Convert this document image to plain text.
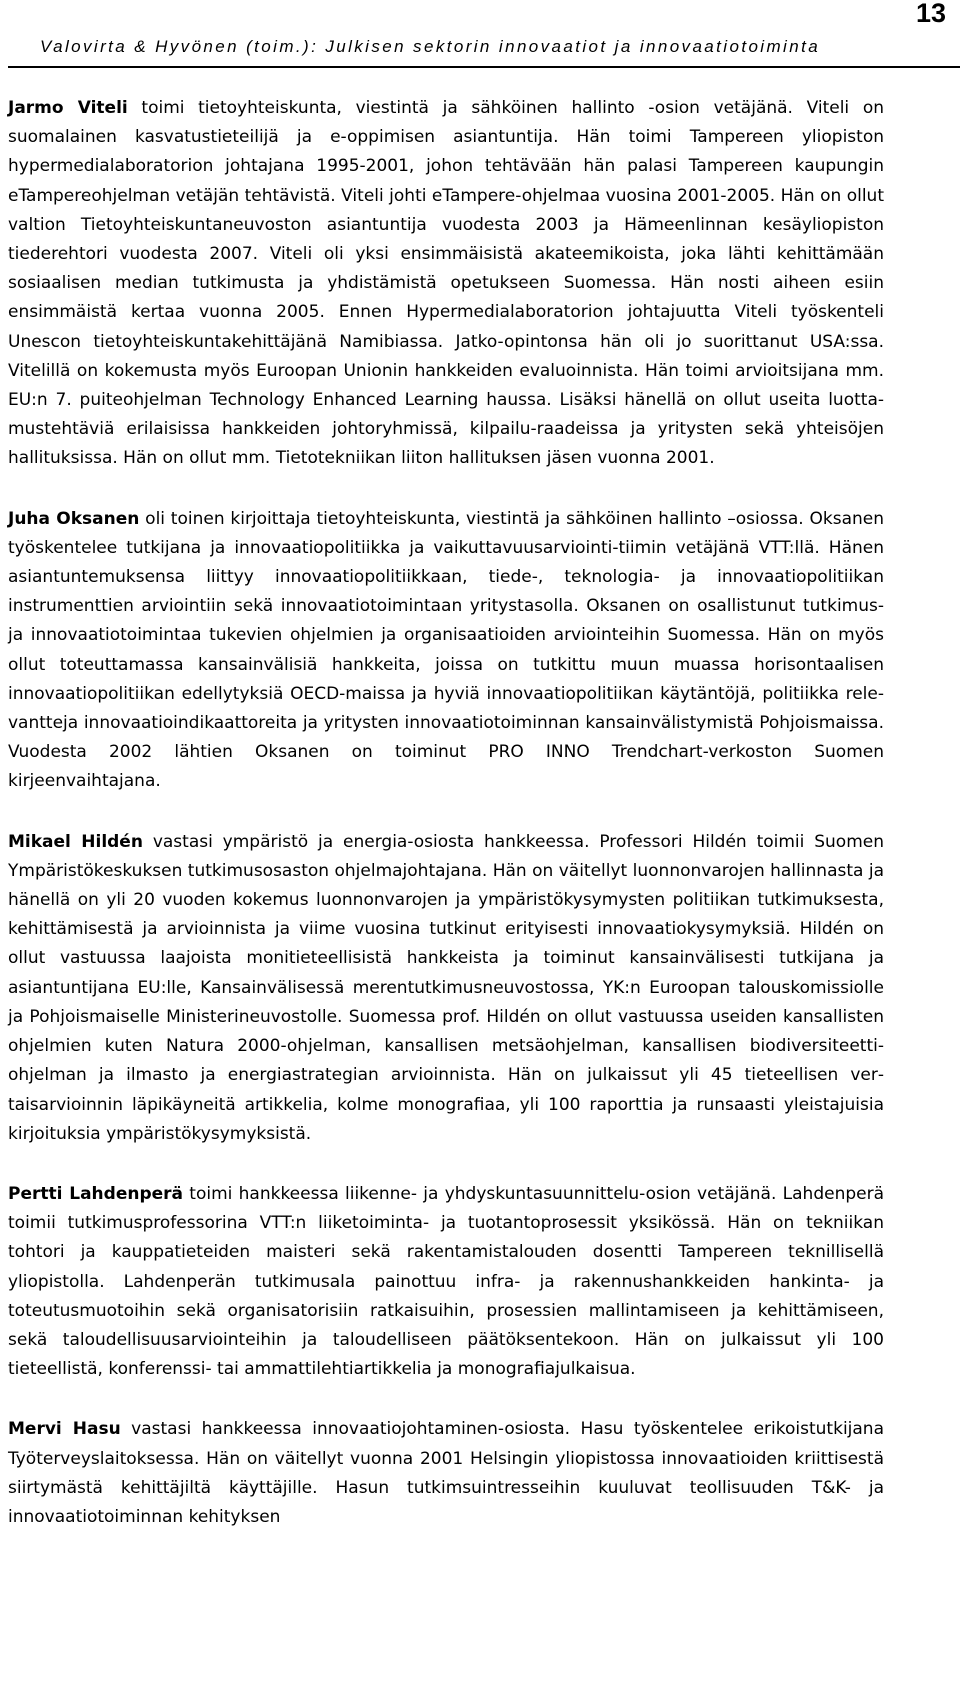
13
Valovirta & Hyvönen (toim.): Julkisen sektorin innovaatiot ja innovaatiotoiminta

Jarmo Viteli toimi tietoyhteiskunta, viestintä ja sähköinen hallinto -osion vetäjänä. Viteli on suomalainen kasvatustieteilijä ja e-oppimisen asiantuntija. Hän toimi Tampereen yliopiston hypermedialaboratorion johtajana 1995-2001, johon tehtävään hän palasi Tampereen kaupungin eTampereohjelman vetäjän tehtävistä. Viteli johti eTampere-ohjelmaa vuosina 2001-2005. Hän on ollut valtion Tietoyhteiskuntaneuvoston asiantuntija vuodesta 2003 ja Hämeenlinnan kesäyliopiston tiederehtori vuodesta 2007. Viteli oli yksi ensimmäisistä akateemikoista, joka lähti kehittämään sosiaalisen median tutkimusta ja yhdistämistä opetukseen Suomessa. Hän nosti aiheen esiin ensimmäistä kertaa vuonna 2005. Ennen Hypermedialaboratorion johtajuutta Viteli työskenteli Unescon tietoyhteiskuntakehittäjänä Namibiassa. Jatko-opintonsa hän oli jo suorittanut USA:ssa. Vitelillä on kokemusta myös Euroopan Unionin hankkeiden evaluoinnista. Hän toimi arvioitsijana mm. EU:n 7. puiteohjelman Technology Enhanced Learning haussa. Lisäksi hänellä on ollut useita luottamustehtäviä erilaisissa hankkeiden johtoryhmissä, kilpailu-raadeissa ja yritysten sekä yhteisöjen hallituksissa. Hän on ollut mm. Tietotekniikan liiton hallituksen jäsen vuonna 2001.

Juha Oksanen oli toinen kirjoittaja tietoyhteiskunta, viestintä ja sähköinen hallinto –osiossa. Oksanen työskentelee tutkijana ja innovaatiopolitiikka ja vaikuttavuusarviointi-tiimin vetäjänä VTT:llä. Hänen asiantuntemuksensa liittyy innovaatiopolitiikkaan, tiede-, teknologia- ja innovaatiopolitiikan instrumenttien arviointiin sekä innovaatiotoimintaan yritystasolla. Oksanen on osallistunut tutkimus- ja innovaatiotoimintaa tukevien ohjelmien ja organisaatioiden arviointeihin Suomessa. Hän on myös ollut toteuttamassa kansainvälisiä hankkeita, joissa on tutkittu muun muassa horisontaalisen innovaatiopolitiikan edellytyksiä OECD-maissa ja hyviä innovaatiopolitiikan käytäntöjä, politiikka rele-vantteja innovaatioindikaattoreita ja yritysten innovaatiotoiminnan kansainvälistymistä Pohjoismaissa. Vuodesta 2002 lähtien Oksanen on toiminut PRO INNO Trendchart-verkoston Suomen kirjeenvaihtajana.

Mikael Hildén vastasi ympäristö ja energia-osiosta hankkeessa. Professori Hildén toimii Suomen Ympäristökeskuksen tutkimusosaston ohjelmajohtajana. Hän on väitellyt luonnonvarojen hallinnasta ja hänellä on yli 20 vuoden kokemus luonnonvarojen ja ympäristökysymysten politiikan tutkimuksesta, kehittämisestä ja arvioinnista ja viime vuosina tutkinut erityisesti innovaatiokysymyksiä. Hildén on ollut vastuussa laajoista monitieteellisistä hankkeista ja toiminut kansainvälisesti tutkijana ja asiantuntijana EU:lle, Kansainvälisessä merentutkimusneuvostossa, YK:n Euroopan talouskomissiolle ja Pohjoismaiselle Ministerineuvostolle. Suomessa prof. Hildén on ollut vastuussa useiden kansallisten ohjelmien kuten Natura 2000-ohjelman, kansallisen metsäohjelman, kansallisen biodiversiteetti-ohjelman ja ilmasto ja energiastrategian arvioinnista. Hän on julkaissut yli 45 tieteellisen vertaisarvioinnin läpikäyneitä artikkelia, kolme monografiaa, yli 100 raporttia ja runsaasti yleistajuisia kirjoituksia ympäristökysymyksistä.

Pertti Lahdenperä toimi hankkeessa liikenne- ja yhdyskuntasuunnittelu-osion vetäjänä. Lahdenperä toimii tutkimusprofessorina VTT:n liiketoiminta- ja tuotantoprosessit yksikössä. Hän on tekniikan tohtori ja kauppatieteiden maisteri sekä rakentamistalouden dosentti Tampereen teknillisellä yliopistolla. Lahdenperän tutkimusala painottuu infra- ja rakennushankkeiden hankinta- ja toteutusmuotoihin sekä organisatorisiin ratkaisuihin, prosessien mallintamiseen ja kehittämiseen, sekä taloudellisuusarviointeihin ja taloudelliseen päätöksentekoon. Hän on julkaissut yli 100 tieteellistä, konferenssi- tai ammattilehtiartikkelia ja monografiajulkaisua.

Mervi Hasu vastasi hankkeessa innovaatiojohtaminen-osiosta. Hasu työskentelee erikoistutkijana Työterveyslaitoksessa. Hän on väitellyt vuonna 2001 Helsingin yliopistossa innovaatioiden kriittisestä siirtymästä kehittäjiltä käyttäjille. Hasun tutkimsuintresseihin kuuluvat teollisuuden T&K- ja innovaatiotoiminnan kehityksen
